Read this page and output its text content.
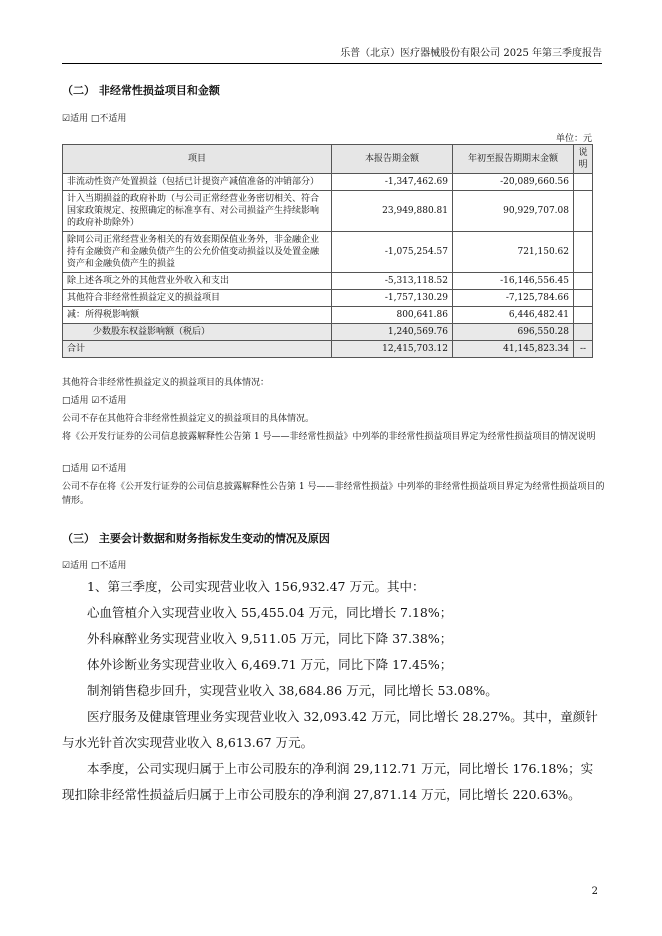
乐普（北京）医疗器械股份有限公司 2025 年第三季度报告
（二） 非经常性损益项目和金额
☑适用 □不适用
单位：元
项目	本报告期金额	年初至报告期期末金额	说明
非流动性资产处置损益（包括已计提资产减值准备的冲销部分）	-1,347,462.69	-20,089,660.56	
计入当期损益的政府补助（与公司正常经营业务密切相关、符合国家政策规定、按照确定的标准享有、对公司损益产生持续影响的政府补助除外）	23,949,880.81	90,929,707.08	
除同公司正常经营业务相关的有效套期保值业务外，非金融企业持有金融资产和金融负债产生的公允价值变动损益以及处置金融资产和金融负债产生的损益	-1,075,254.57	721,150.62	
除上述各项之外的其他营业外收入和支出	-5,313,118.52	-16,146,556.45	
其他符合非经常性损益定义的损益项目	-1,757,130.29	-7,125,784.66	
减：所得税影响额	800,641.86	6,446,482.41	
少数股东权益影响额（税后）	1,240,569.76	696,550.28	
合计	12,415,703.12	41,145,823.34	--
其他符合非经常性损益定义的损益项目的具体情况：
□适用 ☑不适用
公司不存在其他符合非经常性损益定义的损益项目的具体情况。
将《公开发行证券的公司信息披露解释性公告第 1 号——非经常性损益》中列举的非经常性损益项目界定为经常性损益项目的情况说明
□适用 ☑不适用
公司不存在将《公开发行证券的公司信息披露解释性公告第 1 号——非经常性损益》中列举的非经常性损益项目界定为经常性损益项目的情形。
（三） 主要会计数据和财务指标发生变动的情况及原因
☑适用 □不适用

1、第三季度，公司实现营业收入 156,932.47 万元。其中：

心血管植介入实现营业收入 55,455.04 万元，同比增长 7.18%；

外科麻醉业务实现营业收入 9,511.05 万元，同比下降 37.38%；

体外诊断业务实现营业收入 6,469.71 万元，同比下降 17.45%；

制剂销售稳步回升，实现营业收入 38,684.86 万元，同比增长 53.08%。

医疗服务及健康管理业务实现营业收入 32,093.42 万元，同比增长 28.27%。其中，童颜针与水光针首次实现营业收入 8,613.67 万元。

本季度，公司实现归属于上市公司股东的净利润 29,112.71 万元，同比增长 176.18%；实现扣除非经常性损益后归属于上市公司股东的净利润 27,871.14 万元，同比增长 220.63%。

2
